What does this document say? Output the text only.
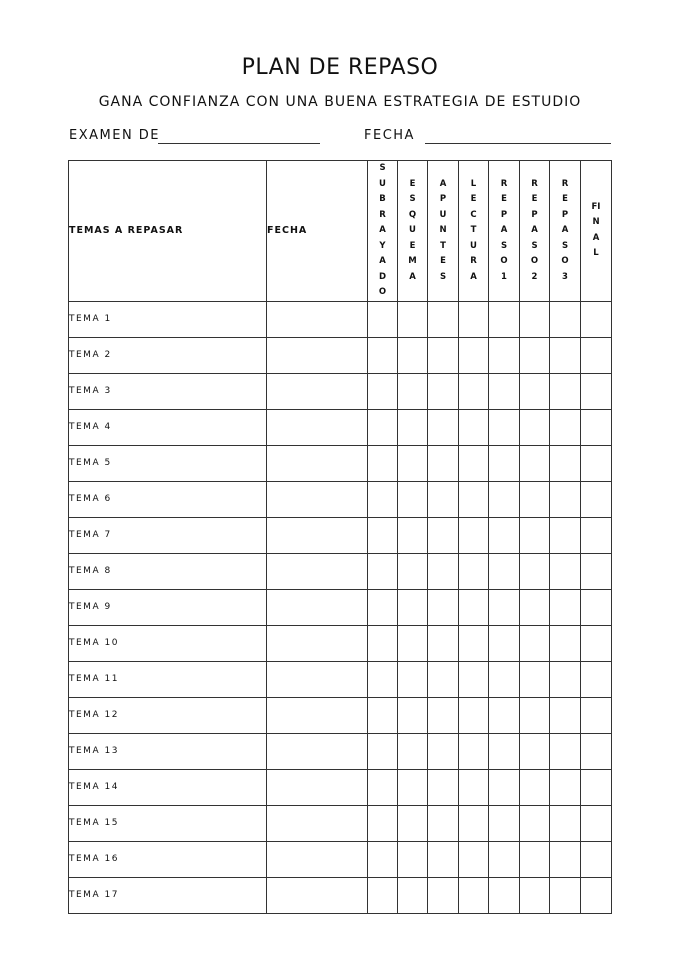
PLAN DE REPASO
GANA CONFIANZA CON UNA BUENA ESTRATEGIA DE ESTUDIO
EXAMEN DE	FECHA
TEMAS A REPASAR	FECHA	SUBRAYADO	ESQUEMA	APUNTES	LECTURA	REPASO1	REPASO2	REPASO3	FINAL
TEMA 1									
TEMA 2									
TEMA 3									
TEMA 4									
TEMA 5									
TEMA 6									
TEMA 7									
TEMA 8									
TEMA 9									
TEMA 10									
TEMA 11									
TEMA 12									
TEMA 13									
TEMA 14									
TEMA 15									
TEMA 16									
TEMA 17									
